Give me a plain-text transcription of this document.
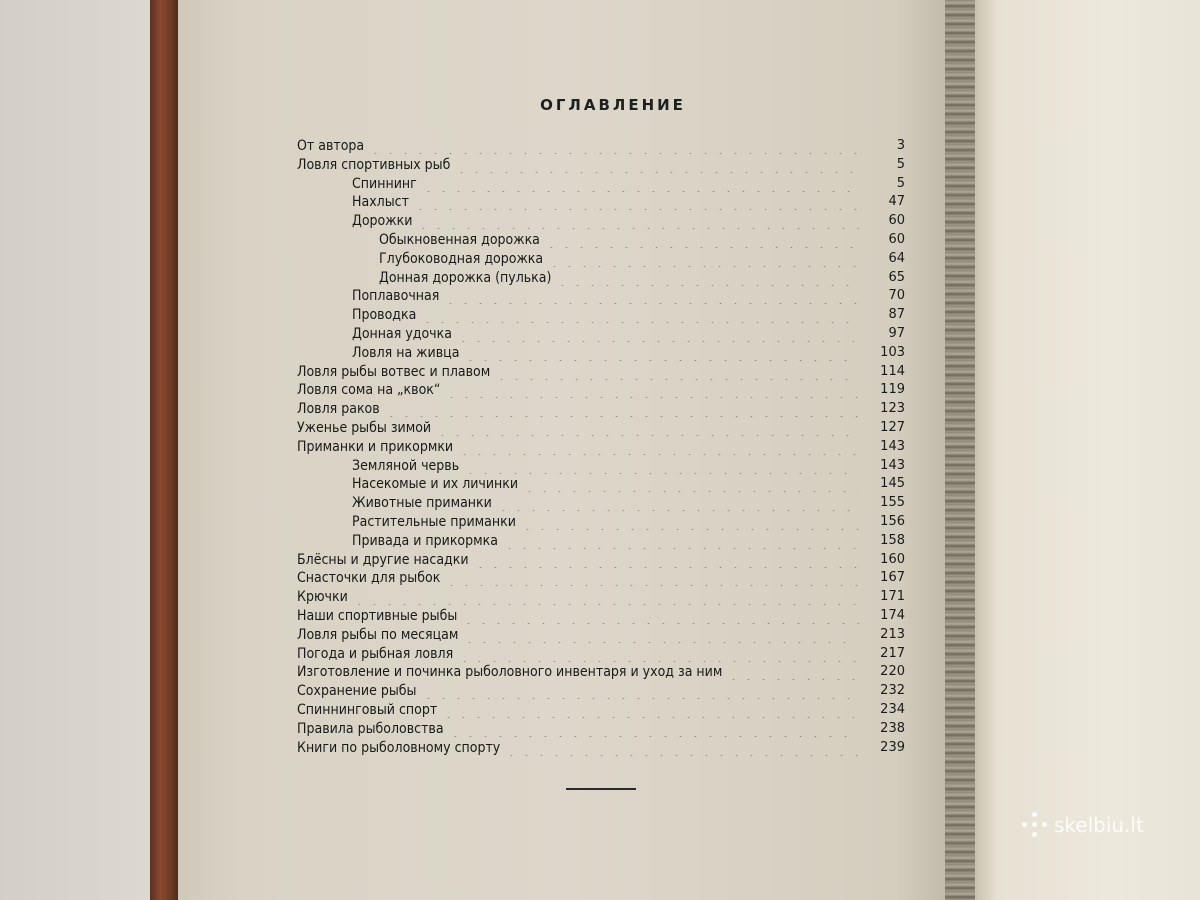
ОГЛАВЛЕНИЕ
От автора	3
Ловля спортивных рыб	5
Спиннинг	5
Нахлыст	47
Дорожки	60
Обыкновенная дорожка	60
Глубоководная дорожка	64
Донная дорожка (пулька)	65
Поплавочная	70
Проводка	87
Донная удочка	97
Ловля на живца	103
Ловля рыбы вотвес и плавом	114
Ловля сома на „квок“	119
Ловля раков	123
Уженье рыбы зимой	127
Приманки и прикормки	143
Земляной червь	143
Насекомые и их личинки	145
Животные приманки	155
Растительные приманки	156
Привада и прикормка	158
Блёсны и другие насадки	160
Снасточки для рыбок	167
Крючки	171
Наши спортивные рыбы	174
Ловля рыбы по месяцам	213
Погода и рыбная ловля	217
Изготовление и починка рыболовного инвентаря и уход за ним	220
Сохранение рыбы	232
Спиннинговый спорт	234
Правила рыболовства	238
Книги по рыболовному спорту	239
skelbiu.lt
